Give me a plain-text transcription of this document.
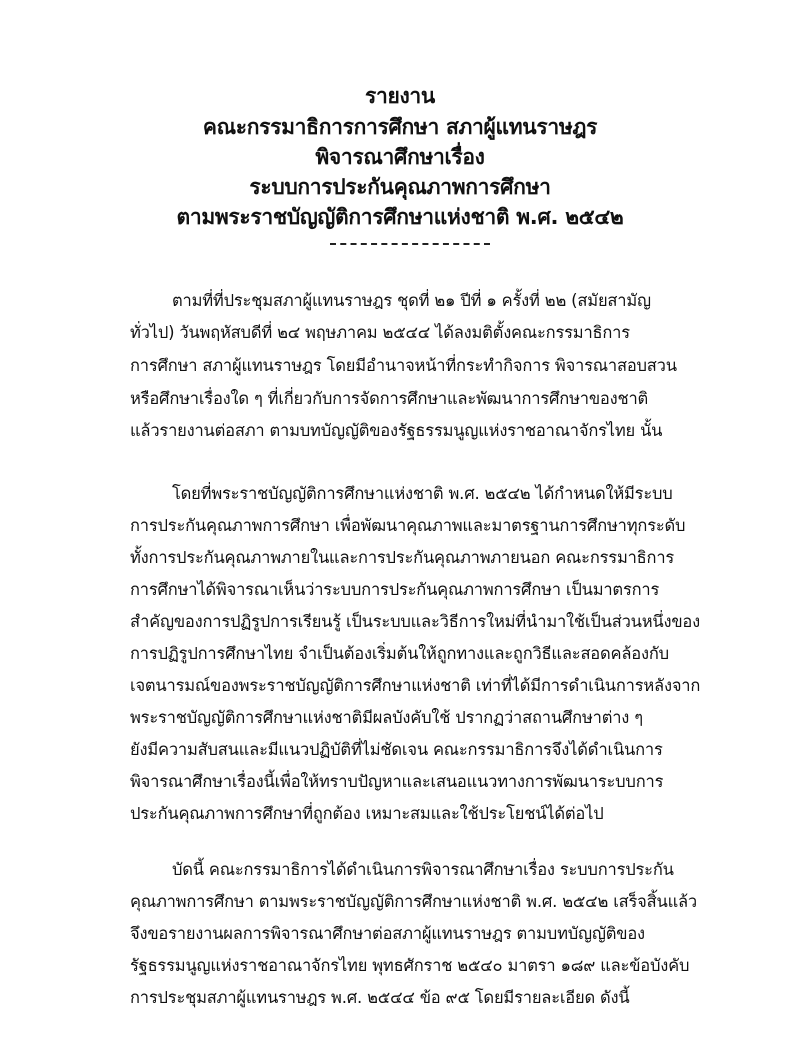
รายงาน
คณะกรรมาธิการการศึกษา สภาผู้แทนราษฎร
พิจารณาศึกษาเรื่อง
ระบบการประกันคุณภาพการศึกษา
ตามพระราชบัญญัติการศึกษาแห่งชาติ พ.ศ. ๒๕๔๒
ตามที่ที่ประชุมสภาผู้แทนราษฎร ชุดที่ ๒๑ ปีที่ ๑ ครั้งที่ ๒๒ (สมัยสามัญ
ทั่วไป) วันพฤหัสบดีที่ ๒๔ พฤษภาคม ๒๕๔๔ ได้ลงมติตั้งคณะกรรมาธิการ
การศึกษา สภาผู้แทนราษฎร โดยมีอำนาจหน้าที่กระทำกิจการ พิจารณาสอบสวน
หรือศึกษาเรื่องใด ๆ ที่เกี่ยวกับการจัดการศึกษาและพัฒนาการศึกษาของชาติ
แล้วรายงานต่อสภา ตามบทบัญญัติของรัฐธรรมนูญแห่งราชอาณาจักรไทย นั้น
โดยที่พระราชบัญญัติการศึกษาแห่งชาติ พ.ศ. ๒๕๔๒ ได้กำหนดให้มีระบบ
การประกันคุณภาพการศึกษา เพื่อพัฒนาคุณภาพและมาตรฐานการศึกษาทุกระดับ
ทั้งการประกันคุณภาพภายในและการประกันคุณภาพภายนอก คณะกรรมาธิการ
การศึกษาได้พิจารณาเห็นว่าระบบการประกันคุณภาพการศึกษา เป็นมาตรการ
สำคัญของการปฏิรูปการเรียนรู้ เป็นระบบและวิธีการใหม่ที่นำมาใช้เป็นส่วนหนึ่งของ
การปฏิรูปการศึกษาไทย จำเป็นต้องเริ่มต้นให้ถูกทางและถูกวิธีและสอดคล้องกับ
เจตนารมณ์ของพระราชบัญญัติการศึกษาแห่งชาติ เท่าที่ได้มีการดำเนินการหลังจาก
พระราชบัญญัติการศึกษาแห่งชาติมีผลบังคับใช้ ปรากฏว่าสถานศึกษาต่าง ๆ
ยังมีความสับสนและมีแนวปฏิบัติที่ไม่ชัดเจน คณะกรรมาธิการจึงได้ดำเนินการ
พิจารณาศึกษาเรื่องนี้เพื่อให้ทราบปัญหาและเสนอแนวทางการพัฒนาระบบการ
ประกันคุณภาพการศึกษาที่ถูกต้อง เหมาะสมและใช้ประโยชน์ได้ต่อไป
บัดนี้ คณะกรรมาธิการได้ดำเนินการพิจารณาศึกษาเรื่อง ระบบการประกัน
คุณภาพการศึกษา ตามพระราชบัญญัติการศึกษาแห่งชาติ พ.ศ. ๒๕๔๒ เสร็จสิ้นแล้ว
จึงขอรายงานผลการพิจารณาศึกษาต่อสภาผู้แทนราษฎร ตามบทบัญญัติของ
รัฐธรรมนูญแห่งราชอาณาจักรไทย พุทธศักราช ๒๕๔๐ มาตรา ๑๘๙ และข้อบังคับ
การประชุมสภาผู้แทนราษฎร พ.ศ. ๒๕๔๔ ข้อ ๙๕ โดยมีรายละเอียด ดังนี้
